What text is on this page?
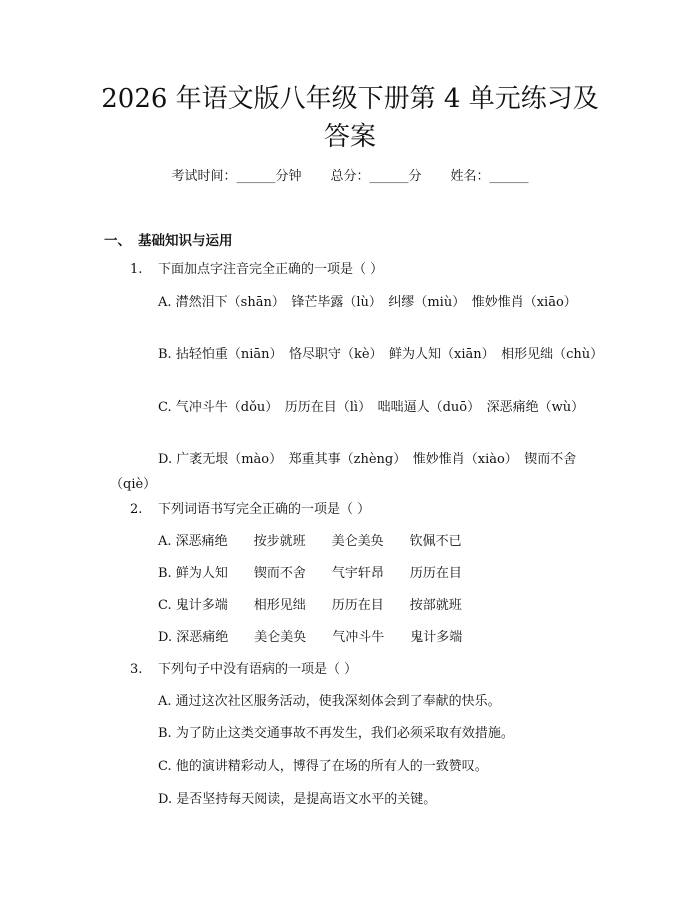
2026 年语文版八年级下册第 4 单元练习及答案
考试时间：______分钟 总分：______分 姓名：______
一、 基础知识与运用
1. 下面加点字注音完全正确的一项是（ ）
A. 潸然泪下（shān）　锋芒毕露（lù）　纠缪（miù）　惟妙惟肖（xiāo）
B. 拈轻怕重（niān）　恪尽职守（kè）　鲜为人知（xiān）　相形见绌（chù）
C. 气冲斗牛（dǒu）　历历在目（lì）　咄咄逼人（duō）　深恶痛绝（wù）
D. 广袤无垠（mào）　郑重其事（zhèng）　惟妙惟肖（xiào）　锲而不舍（qiè）
2. 下列词语书写完全正确的一项是（ ）
A. 深恶痛绝　　按步就班　　美仑美奂　　钦佩不已
B. 鲜为人知　　锲而不舍　　气宇轩昂　　历历在目
C. 鬼计多端　　相形见绌　　历历在目　　按部就班
D. 深恶痛绝　　美仑美奂　　气冲斗牛　　鬼计多端
3. 下列句子中没有语病的一项是（ ）
A. 通过这次社区服务活动，使我深刻体会到了奉献的快乐。
B. 为了防止这类交通事故不再发生，我们必须采取有效措施。
C. 他的演讲精彩动人，博得了在场的所有人的一致赞叹。
D. 是否坚持每天阅读，是提高语文水平的关键。
